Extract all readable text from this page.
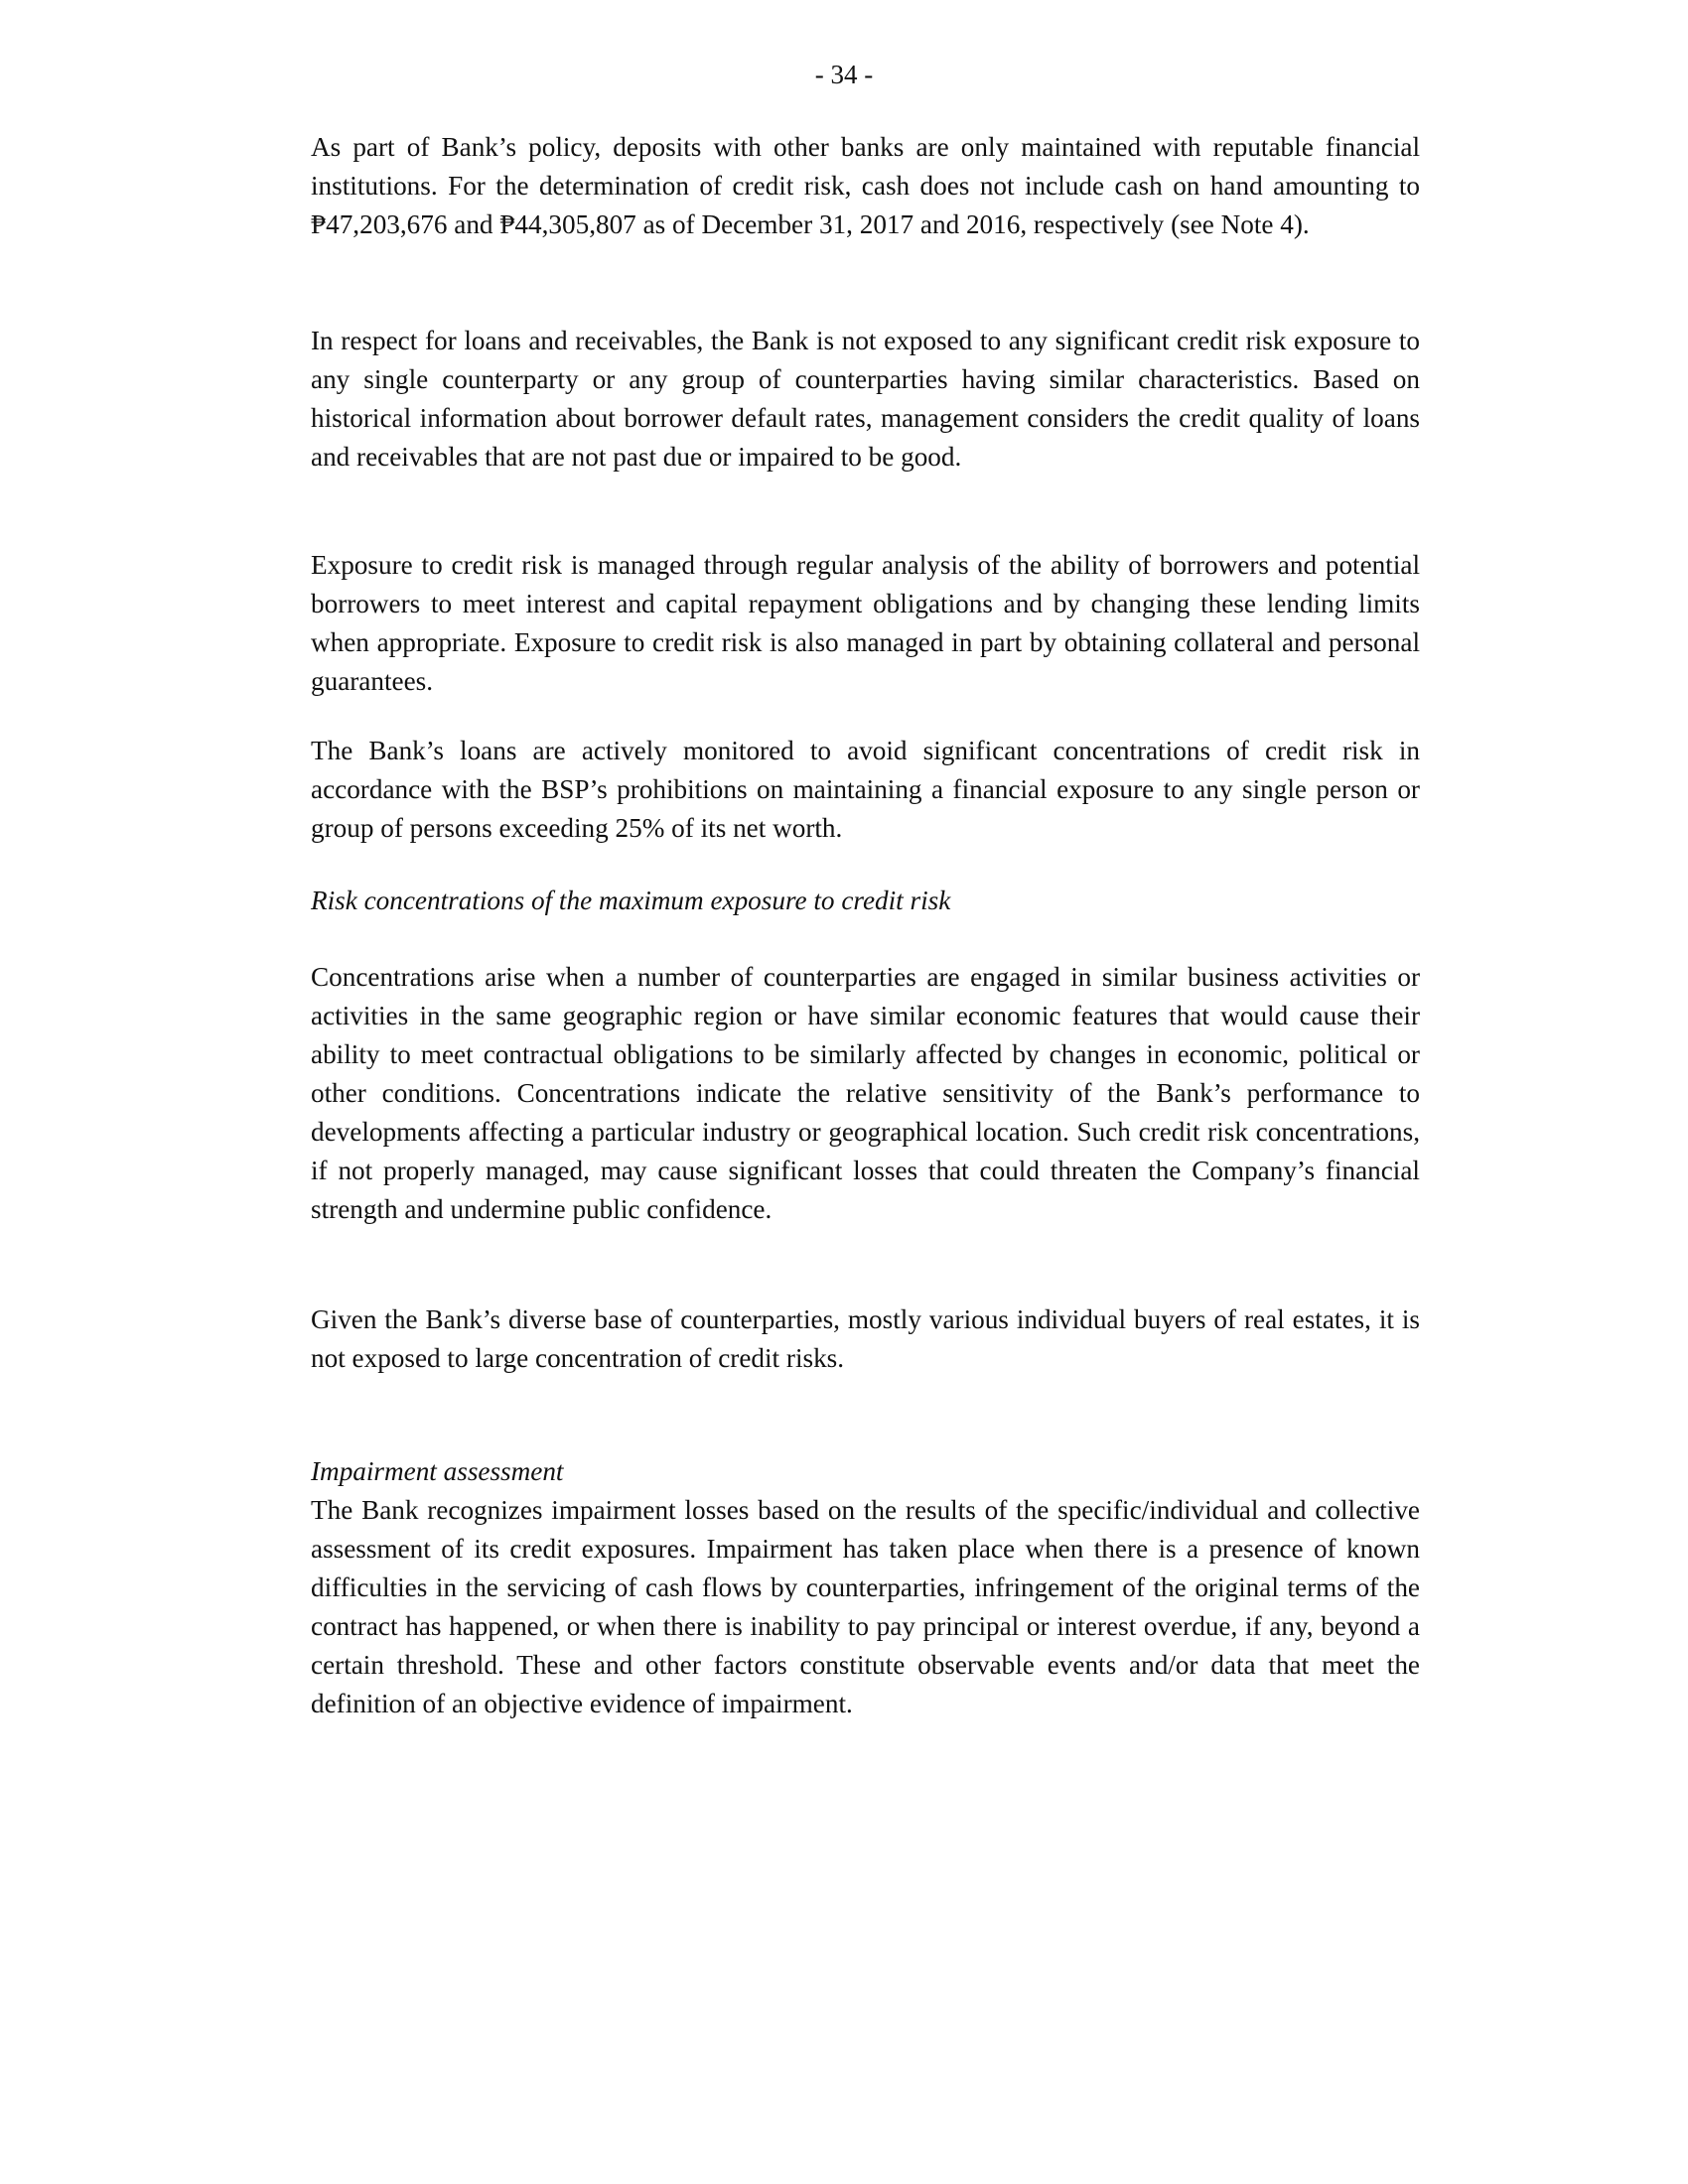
- 34 -

As part of Bank’s policy, deposits with other banks are only maintained with reputable financial institutions. For the determination of credit risk, cash does not include cash on hand amounting to ₱47,203,676 and ₱44,305,807 as of December 31, 2017 and 2016, respectively (see Note 4).

In respect for loans and receivables, the Bank is not exposed to any significant credit risk exposure to any single counterparty or any group of counterparties having similar characteristics. Based on historical information about borrower default rates, management considers the credit quality of loans and receivables that are not past due or impaired to be good.

Exposure to credit risk is managed through regular analysis of the ability of borrowers and potential borrowers to meet interest and capital repayment obligations and by changing these lending limits when appropriate. Exposure to credit risk is also managed in part by obtaining collateral and personal guarantees.

The Bank’s loans are actively monitored to avoid significant concentrations of credit risk in accordance with the BSP’s prohibitions on maintaining a financial exposure to any single person or group of persons exceeding 25% of its net worth.

Risk concentrations of the maximum exposure to credit risk

Concentrations arise when a number of counterparties are engaged in similar business activities or activities in the same geographic region or have similar economic features that would cause their ability to meet contractual obligations to be similarly affected by changes in economic, political or other conditions. Concentrations indicate the relative sensitivity of the Bank’s performance to developments affecting a particular industry or geographical location. Such credit risk concentrations, if not properly managed, may cause significant losses that could threaten the Company’s financial strength and undermine public confidence.

Given the Bank’s diverse base of counterparties, mostly various individual buyers of real estates, it is not exposed to large concentration of credit risks.

Impairment assessment

The Bank recognizes impairment losses based on the results of the specific/individual and collective assessment of its credit exposures. Impairment has taken place when there is a presence of known difficulties in the servicing of cash flows by counterparties, infringement of the original terms of the contract has happened, or when there is inability to pay principal or interest overdue, if any, beyond a certain threshold. These and other factors constitute observable events and/or data that meet the definition of an objective evidence of impairment.
